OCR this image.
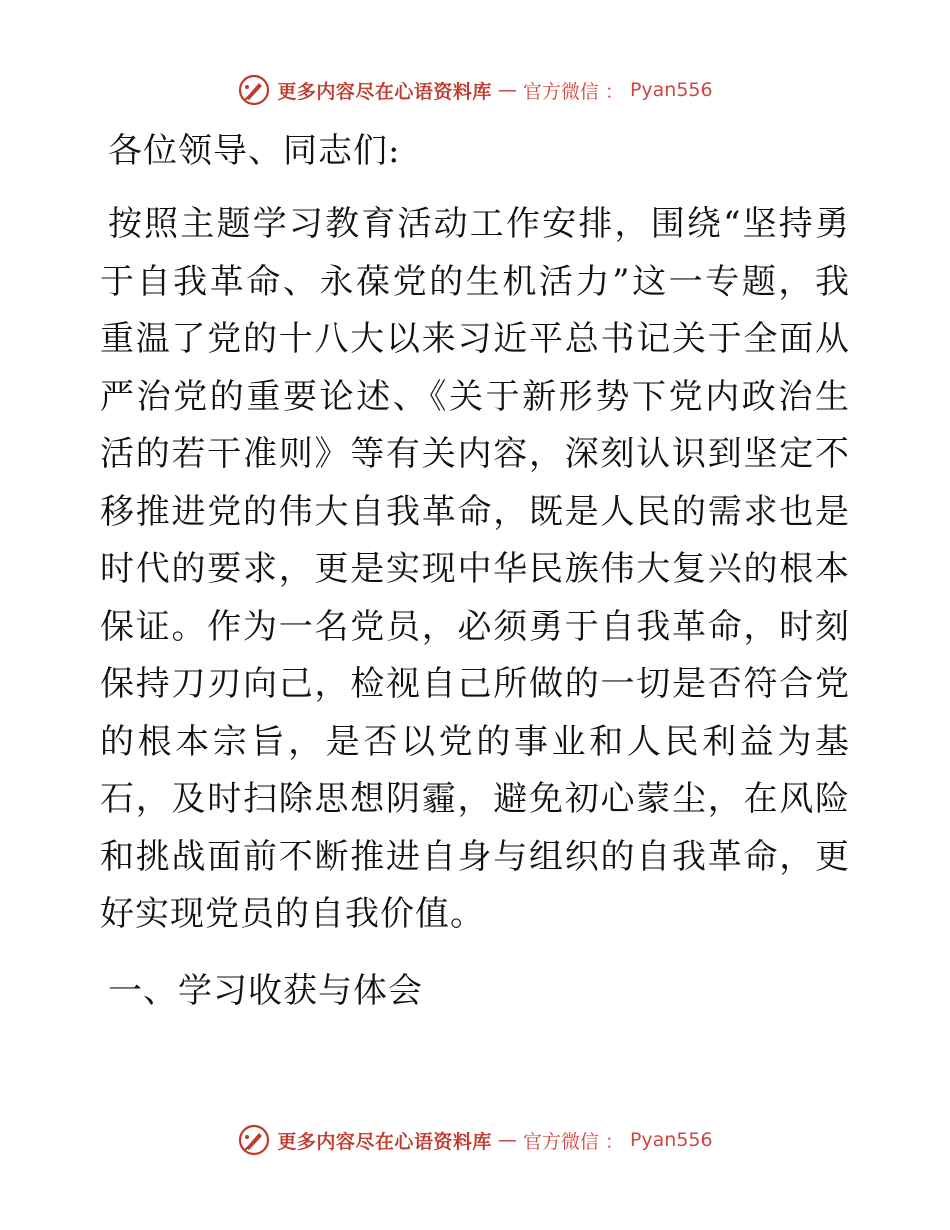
更多内容尽在心语资料库 — 官方微信 ： Pyan556

各位领导、同志们:

按照主题学习教育活动工作安排，围绕“坚持勇于自我革命、永葆党的生机活力”这一专题，我重温了党的十八大以来习近平总书记关于全面从严治党的重要论述、《关于新形势下党内政治生活的若干准则》等有关内容，深刻认识到坚定不移推进党的伟大自我革命，既是人民的需求也是时代的要求，更是实现中华民族伟大复兴的根本保证。作为一名党员，必须勇于自我革命，时刻保持刀刃向己，检视自己所做的一切是否符合党的根本宗旨，是否以党的事业和人民利益为基石，及时扫除思想阴霾，避免初心蒙尘，在风险和挑战面前不断推进自身与组织的自我革命，更好实现党员的自我价值。

一、学习收获与体会

更多内容尽在心语资料库 — 官方微信 ： Pyan556
